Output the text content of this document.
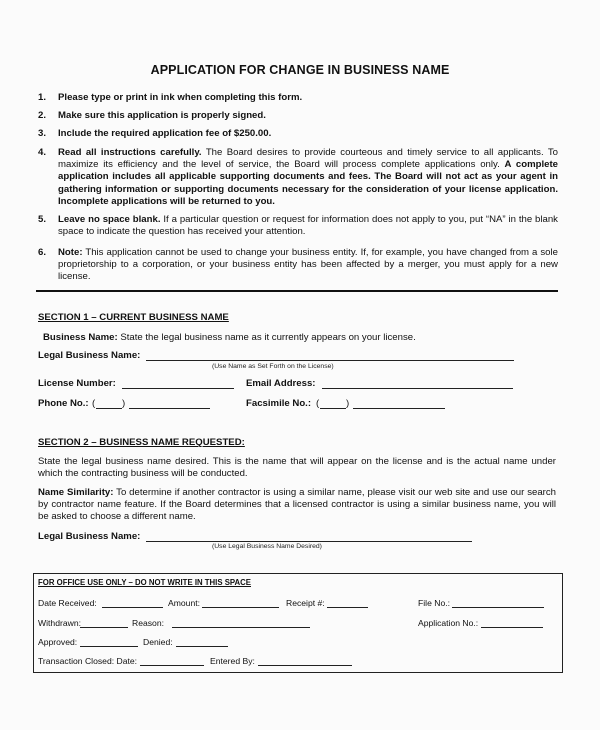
APPLICATION FOR CHANGE IN BUSINESS NAME
1.	Please type or print in ink when completing this form.
2.	Make sure this application is properly signed.
3.	Include the required application fee of $250.00.
4.	Read all instructions carefully. The Board desires to provide courteous and timely service to all applicants. To maximize its efficiency and the level of service, the Board will process complete applications only. A complete application includes all applicable supporting documents and fees. The Board will not act as your agent in gathering information or supporting documents necessary for the consideration of your license application. Incomplete applications will be returned to you.
5.	Leave no space blank. If a particular question or request for information does not apply to you, put “NA” in the blank space to indicate the question has received your attention.
6.	Note: This application cannot be used to change your business entity. If, for example, you have changed from a sole proprietorship to a corporation, or your business entity has been affected by a merger, you must apply for a new license.
SECTION 1 – CURRENT BUSINESS NAME
Business Name: State the legal business name as it currently appears on your license.
Legal Business Name:
(Use Name as Set Forth on the License)
License Number:	Email Address:
Phone No.: (	)	Facsimile No.: (	)
SECTION 2 – BUSINESS NAME REQUESTED:
State the legal business name desired. This is the name that will appear on the license and is the actual name under which the contracting business will be conducted.
Name Similarity: To determine if another contractor is using a similar name, please visit our web site and use our search by contractor name feature. If the Board determines that a licensed contractor is using a similar business name, you will be asked to choose a different name.
Legal Business Name:
(Use Legal Business Name Desired)
FOR OFFICE USE ONLY – DO NOT WRITE IN THIS SPACE
Date Received:	Amount:	Receipt #:	File No.:
Withdrawn:	Reason:	Application No.:
Approved:	Denied:
Transaction Closed: Date:	Entered By:
